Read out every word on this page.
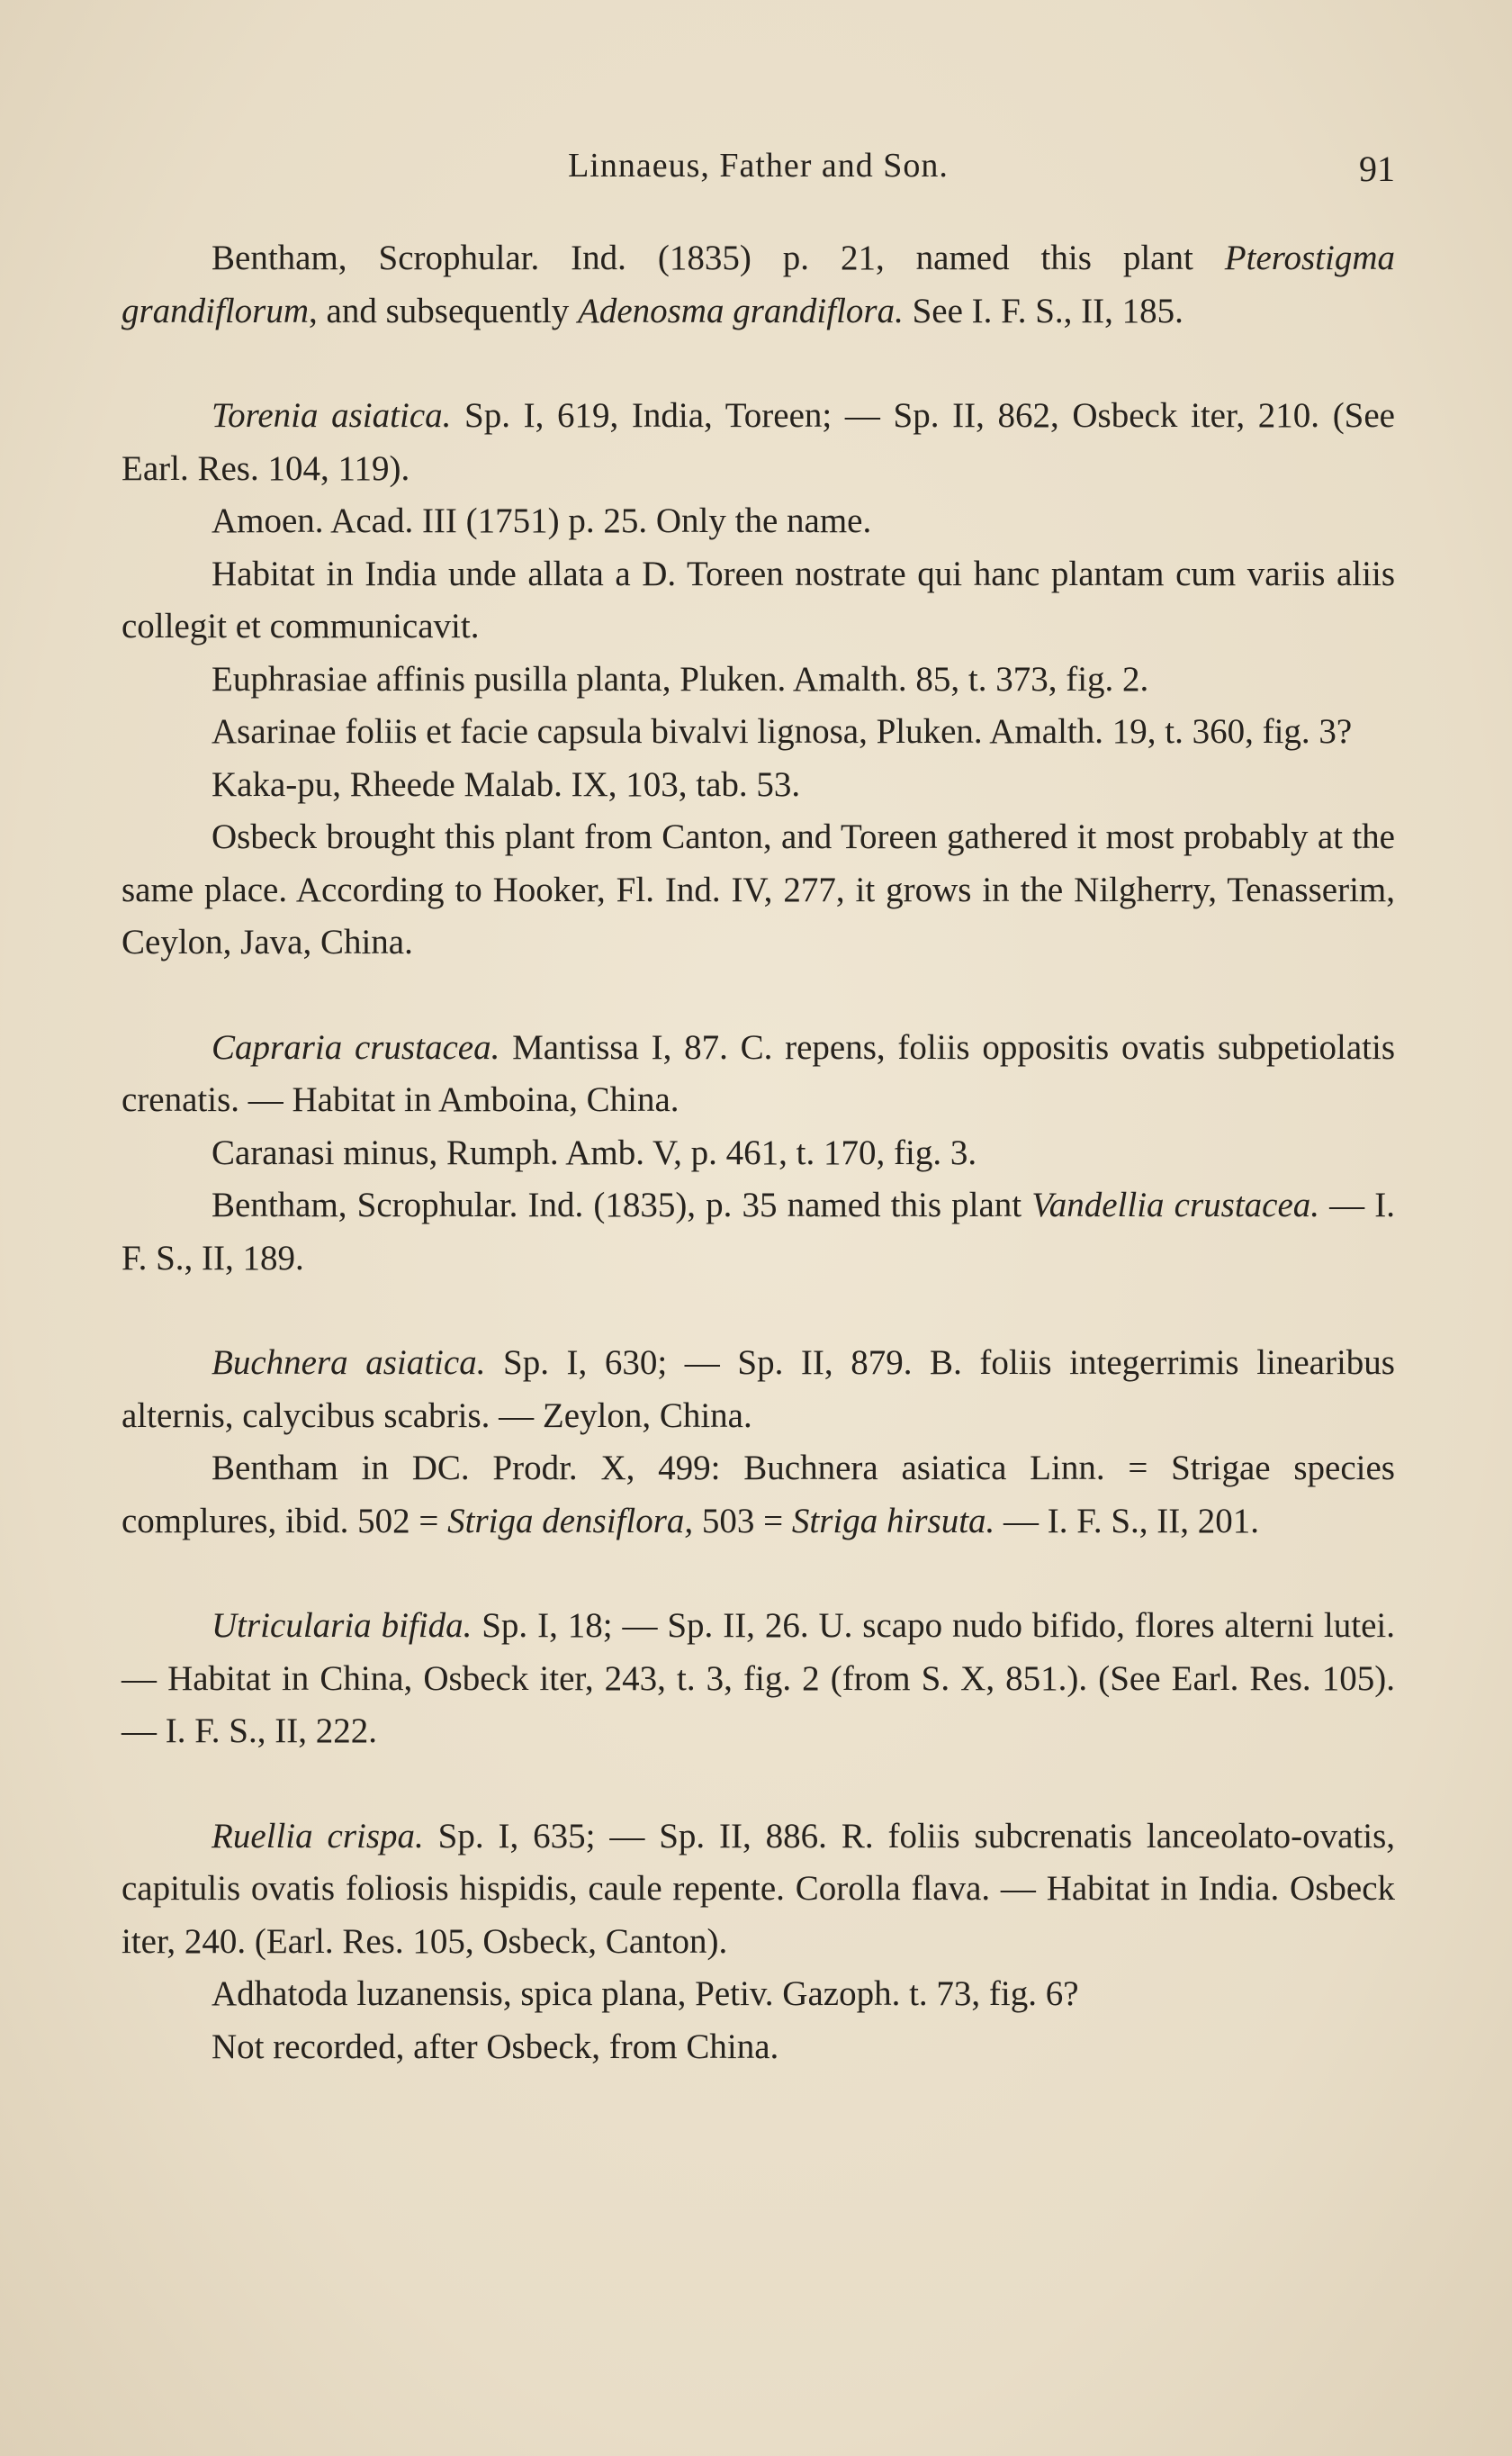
Linnaeus, Father and Son.	91

Bentham, Scrophular. Ind. (1835) p. 21, named this plant Pterostigma grandiflorum, and subsequently Adenosma grandiflora. See I. F. S., II, 185.

Torenia asiatica. Sp. I, 619, India, Toreen; — Sp. II, 862, Osbeck iter, 210. (See Earl. Res. 104, 119).

Amoen. Acad. III (1751) p. 25. Only the name.

Habitat in India unde allata a D. Toreen nostrate qui hanc plantam cum variis aliis collegit et communicavit.

Euphrasiae affinis pusilla planta, Pluken. Amalth. 85, t. 373, fig. 2.

Asarinae foliis et facie capsula bivalvi lignosa, Pluken. Amalth. 19, t. 360, fig. 3?

Kaka-pu, Rheede Malab. IX, 103, tab. 53.

Osbeck brought this plant from Canton, and Toreen gathered it most probably at the same place. According to Hooker, Fl. Ind. IV, 277, it grows in the Nilgherry, Tenasserim, Ceylon, Java, China.

Capraria crustacea. Mantissa I, 87. C. repens, foliis oppositis ovatis subpetiolatis crenatis. — Habitat in Amboina, China.

Caranasi minus, Rumph. Amb. V, p. 461, t. 170, fig. 3.

Bentham, Scrophular. Ind. (1835), p. 35 named this plant Vandellia crustacea. — I. F. S., II, 189.

Buchnera asiatica. Sp. I, 630; — Sp. II, 879. B. foliis integerrimis linearibus alternis, calycibus scabris. — Zeylon, China.

Bentham in DC. Prodr. X, 499: Buchnera asiatica Linn. = Strigae species complures, ibid. 502 = Striga densiflora, 503 = Striga hirsuta. — I. F. S., II, 201.

Utricularia bifida. Sp. I, 18; — Sp. II, 26. U. scapo nudo bifido, flores alterni lutei. — Habitat in China, Osbeck iter, 243, t. 3, fig. 2 (from S. X, 851.). (See Earl. Res. 105). — I. F. S., II, 222.

Ruellia crispa. Sp. I, 635; — Sp. II, 886. R. foliis subcrenatis lanceolato-ovatis, capitulis ovatis foliosis hispidis, caule repente. Corolla flava. — Habitat in India. Osbeck iter, 240. (Earl. Res. 105, Osbeck, Canton).

Adhatoda luzanensis, spica plana, Petiv. Gazoph. t. 73, fig. 6?

Not recorded, after Osbeck, from China.
